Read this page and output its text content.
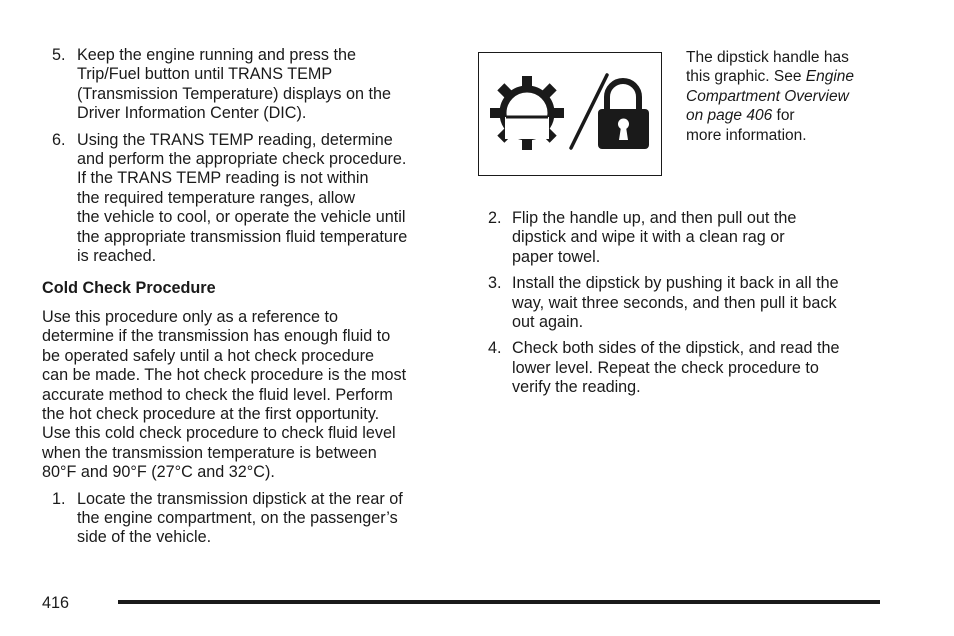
5. Keep the engine running and press the
Trip/Fuel button until TRANS TEMP
(Transmission Temperature) displays on the
Driver Information Center (DIC).
6. Using the TRANS TEMP reading, determine
and perform the appropriate check procedure.
If the TRANS TEMP reading is not within
the required temperature ranges, allow
the vehicle to cool, or operate the vehicle until
the appropriate transmission fluid temperature
is reached.
Cold Check Procedure
Use this procedure only as a reference to
determine if the transmission has enough fluid to
be operated safely until a hot check procedure
can be made. The hot check procedure is the most
accurate method to check the fluid level. Perform
the hot check procedure at the first opportunity.
Use this cold check procedure to check fluid level
when the transmission temperature is between
80°F and 90°F (27°C and 32°C).
1. Locate the transmission dipstick at the rear of
the engine compartment, on the passenger’s
side of the vehicle.
The dipstick handle has
this graphic. See Engine
Compartment Overview
on page 406 for
more information.
2. Flip the handle up, and then pull out the
dipstick and wipe it with a clean rag or
paper towel.
3. Install the dipstick by pushing it back in all the
way, wait three seconds, and then pull it back
out again.
4. Check both sides of the dipstick, and read the
lower level. Repeat the check procedure to
verify the reading.
416
